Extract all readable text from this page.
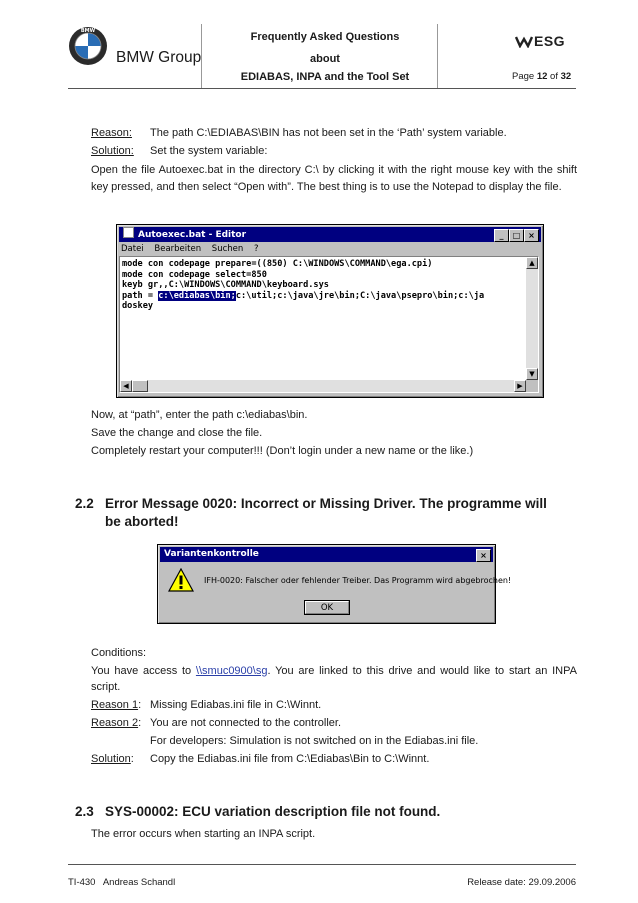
BMW
BMW Group
Frequently Asked Questions
about
EDIABAS, INPA and the Tool Set
ESG
Page 12 of 32
Reason: The path C:\EDIABAS\BIN has not been set in the ‘Path’ system variable.
Solution: Set the system variable:
Open the file Autoexec.bat in the directory C:\ by clicking it with the right mouse key with the shift key pressed, and then select “Open with”. The best thing is to use the Notepad to display the file.
Autoexec.bat - Editor	_	□ ×
Datei Bearbeiten Suchen ?
mode con codepage prepare=((850) C:\WINDOWS\COMMAND\ega.cpi)
mode con codepage select=850
keyb gr,,C:\WINDOWS\COMMAND\keyboard.sys
path = c:\ediabas\bin;c:\util;c:\java\jre\bin;C:\java\psepro\bin;c:\ja
doskey
▲
▼
◀	▶
Now, at “path”, enter the path c:\ediabas\bin.
Save the change and close the file.
Completely restart your computer!!! (Don’t login under a new name or the like.)
2.2 Error Message 0020: Incorrect or Missing Driver. The programme will
be aborted!
Variantenkontrolle	×
IFH-0020: Falscher oder fehlender Treiber. Das Programm wird abgebrochen!
OK
Conditions:
You have access to \\smuc0900\sg. You are linked to this drive and would like to start an INPA script.
Reason 1: Missing Ediabas.ini file in C:\Winnt.
Reason 2: You are not connected to the controller.
For developers: Simulation is not switched on in the Ediabas.ini file.
Solution: Copy the Ediabas.ini file from C:\Ediabas\Bin to C:\Winnt.
2.3 SYS-00002: ECU variation description file not found.
The error occurs when starting an INPA script.
TI-430   Andreas Schandl	Release date: 29.09.2006
